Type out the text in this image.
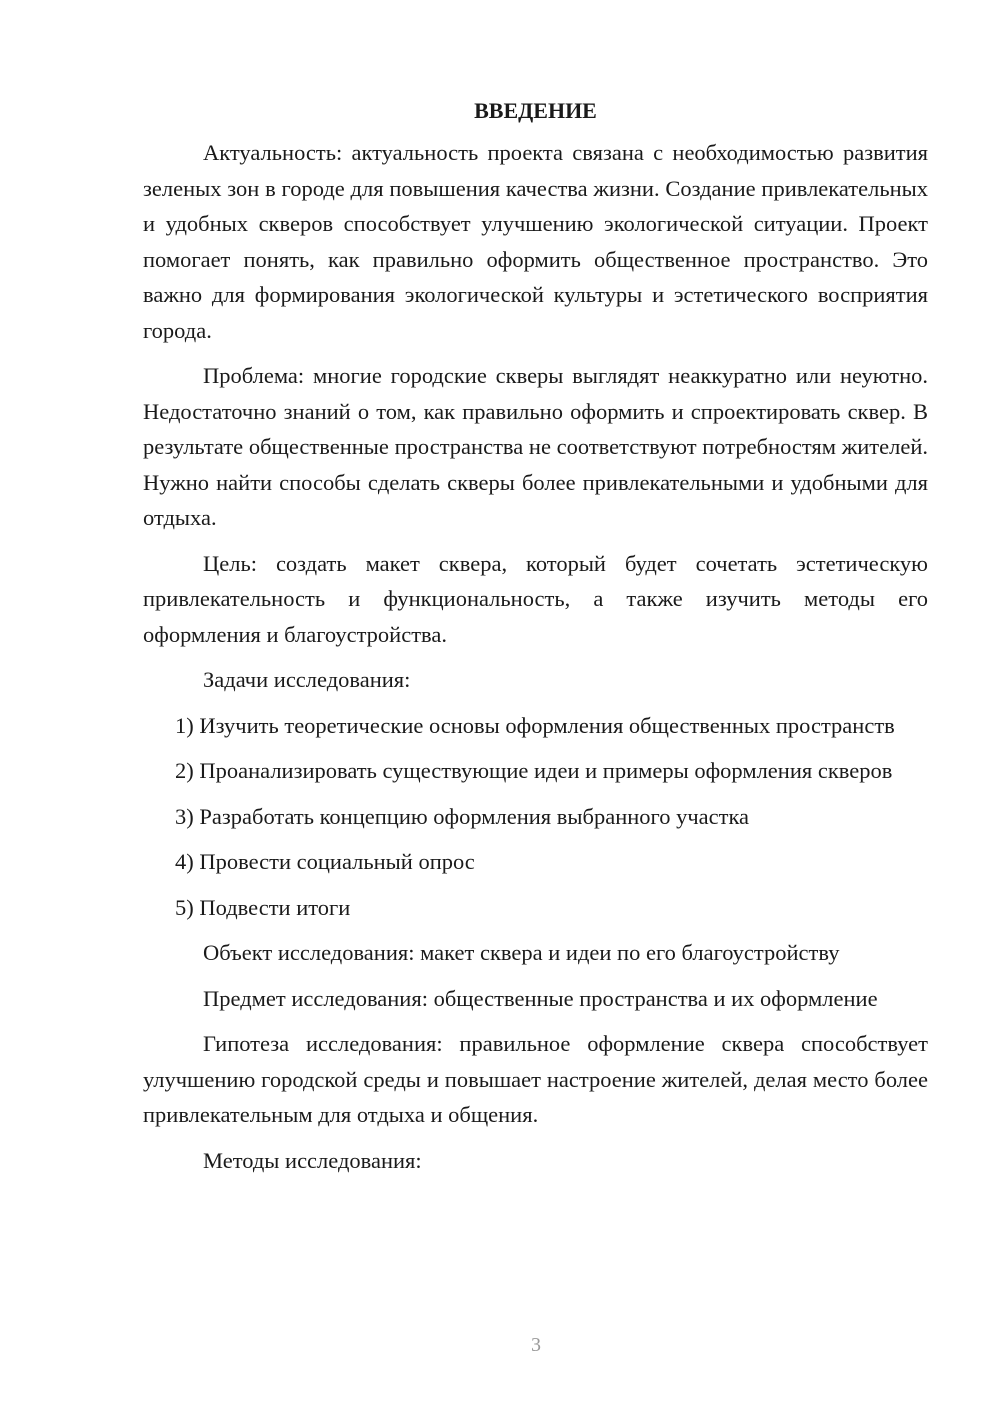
ВВЕДЕНИЕ

Актуальность: актуальность проекта связана с необходимостью развития зеленых зон в городе для повышения качества жизни. Создание привлекательных и удобных скверов способствует улучшению экологической ситуации. Проект помогает понять, как правильно оформить общественное пространство. Это важно для формирования экологической культуры и эстетического восприятия города.

Проблема: многие городские скверы выглядят неаккуратно или неуютно. Недостаточно знаний о том, как правильно оформить и спроектировать сквер. В результате общественные пространства не соответствуют потребностям жителей. Нужно найти способы сделать скверы более привлекательными и удобными для отдыха.

Цель: создать макет сквера, который будет сочетать эстетическую привлекательность и функциональность, а также изучить методы его оформления и благоустройства.

Задачи исследования:

1) Изучить теоретические основы оформления общественных пространств

2) Проанализировать существующие идеи и примеры оформления скверов

3) Разработать концепцию оформления выбранного участка

4) Провести социальный опрос

5) Подвести итоги

Объект исследования: макет сквера и идеи по его благоустройству

Предмет исследования: общественные пространства и их оформление

Гипотеза исследования: правильное оформление сквера способствует улучшению городской среды и повышает настроение жителей, делая место более привлекательным для отдыха и общения.

Методы исследования:

3
